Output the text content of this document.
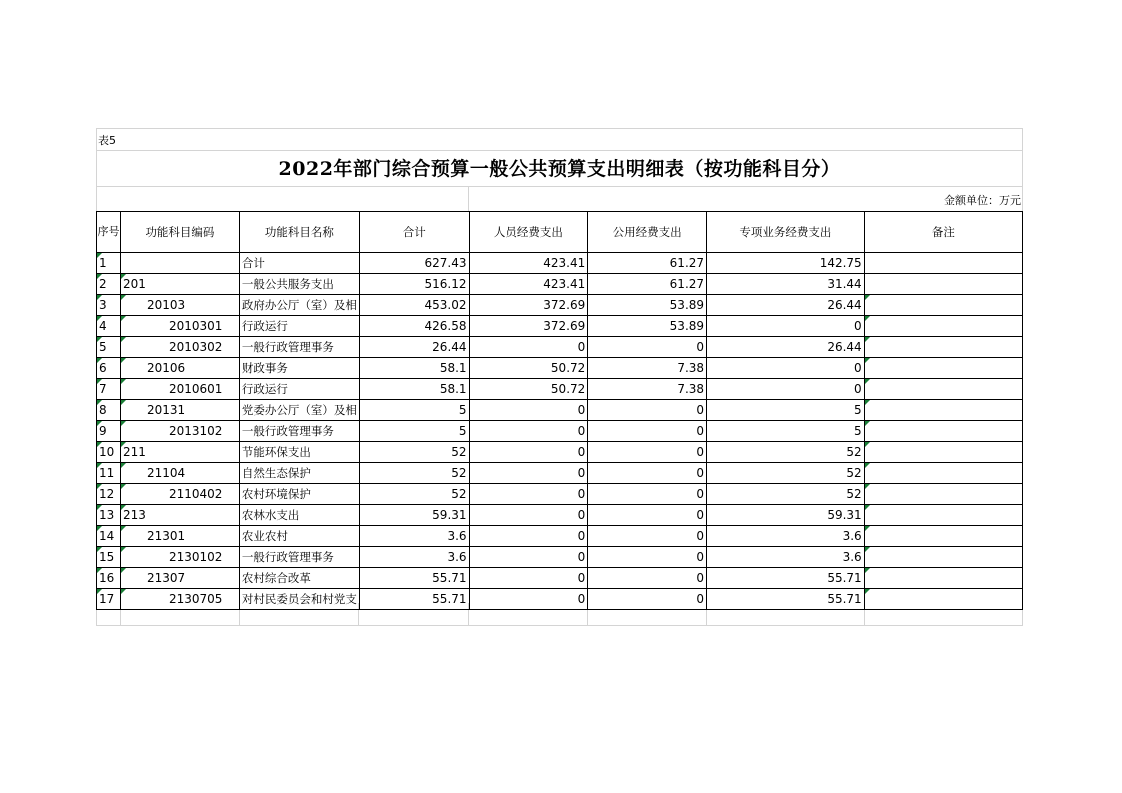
表5
2022年部门综合预算一般公共预算支出明细表（按功能科目分）
金额单位：万元
序号	功能科目编码	功能科目名称	合计	人员经费支出	公用经费支出	专项业务经费支出	备注
1		合计	627.43	423.41	61.27	142.75	
2	201	一般公共服务支出	516.12	423.41	61.27	31.44	
3	20103	政府办公厅（室）及相	453.02	372.69	53.89	26.44	

4	2010301	行政运行	426.58	372.69	53.89	0	

5	2010302	一般行政管理事务	26.44	0	0	26.44	

6	20106	财政事务	58.1	50.72	7.38	0	

7	2010601	行政运行	58.1	50.72	7.38	0	

8	20131	党委办公厅（室）及相	5	0	0	5	

9	2013102	一般行政管理事务	5	0	0	5	

10	211	节能环保支出	52	0	0	52	

11	21104	自然生态保护	52	0	0	52	

12	2110402	农村环境保护	52	0	0	52	

13	213	农林水支出	59.31	0	0	59.31	

14	21301	农业农村	3.6	0	0	3.6	

15	2130102	一般行政管理事务	3.6	0	0	3.6	

16	21307	农村综合改革	55.71	0	0	55.71	

17	2130705	对村民委员会和村党支	55.71	0	0	55.71	
